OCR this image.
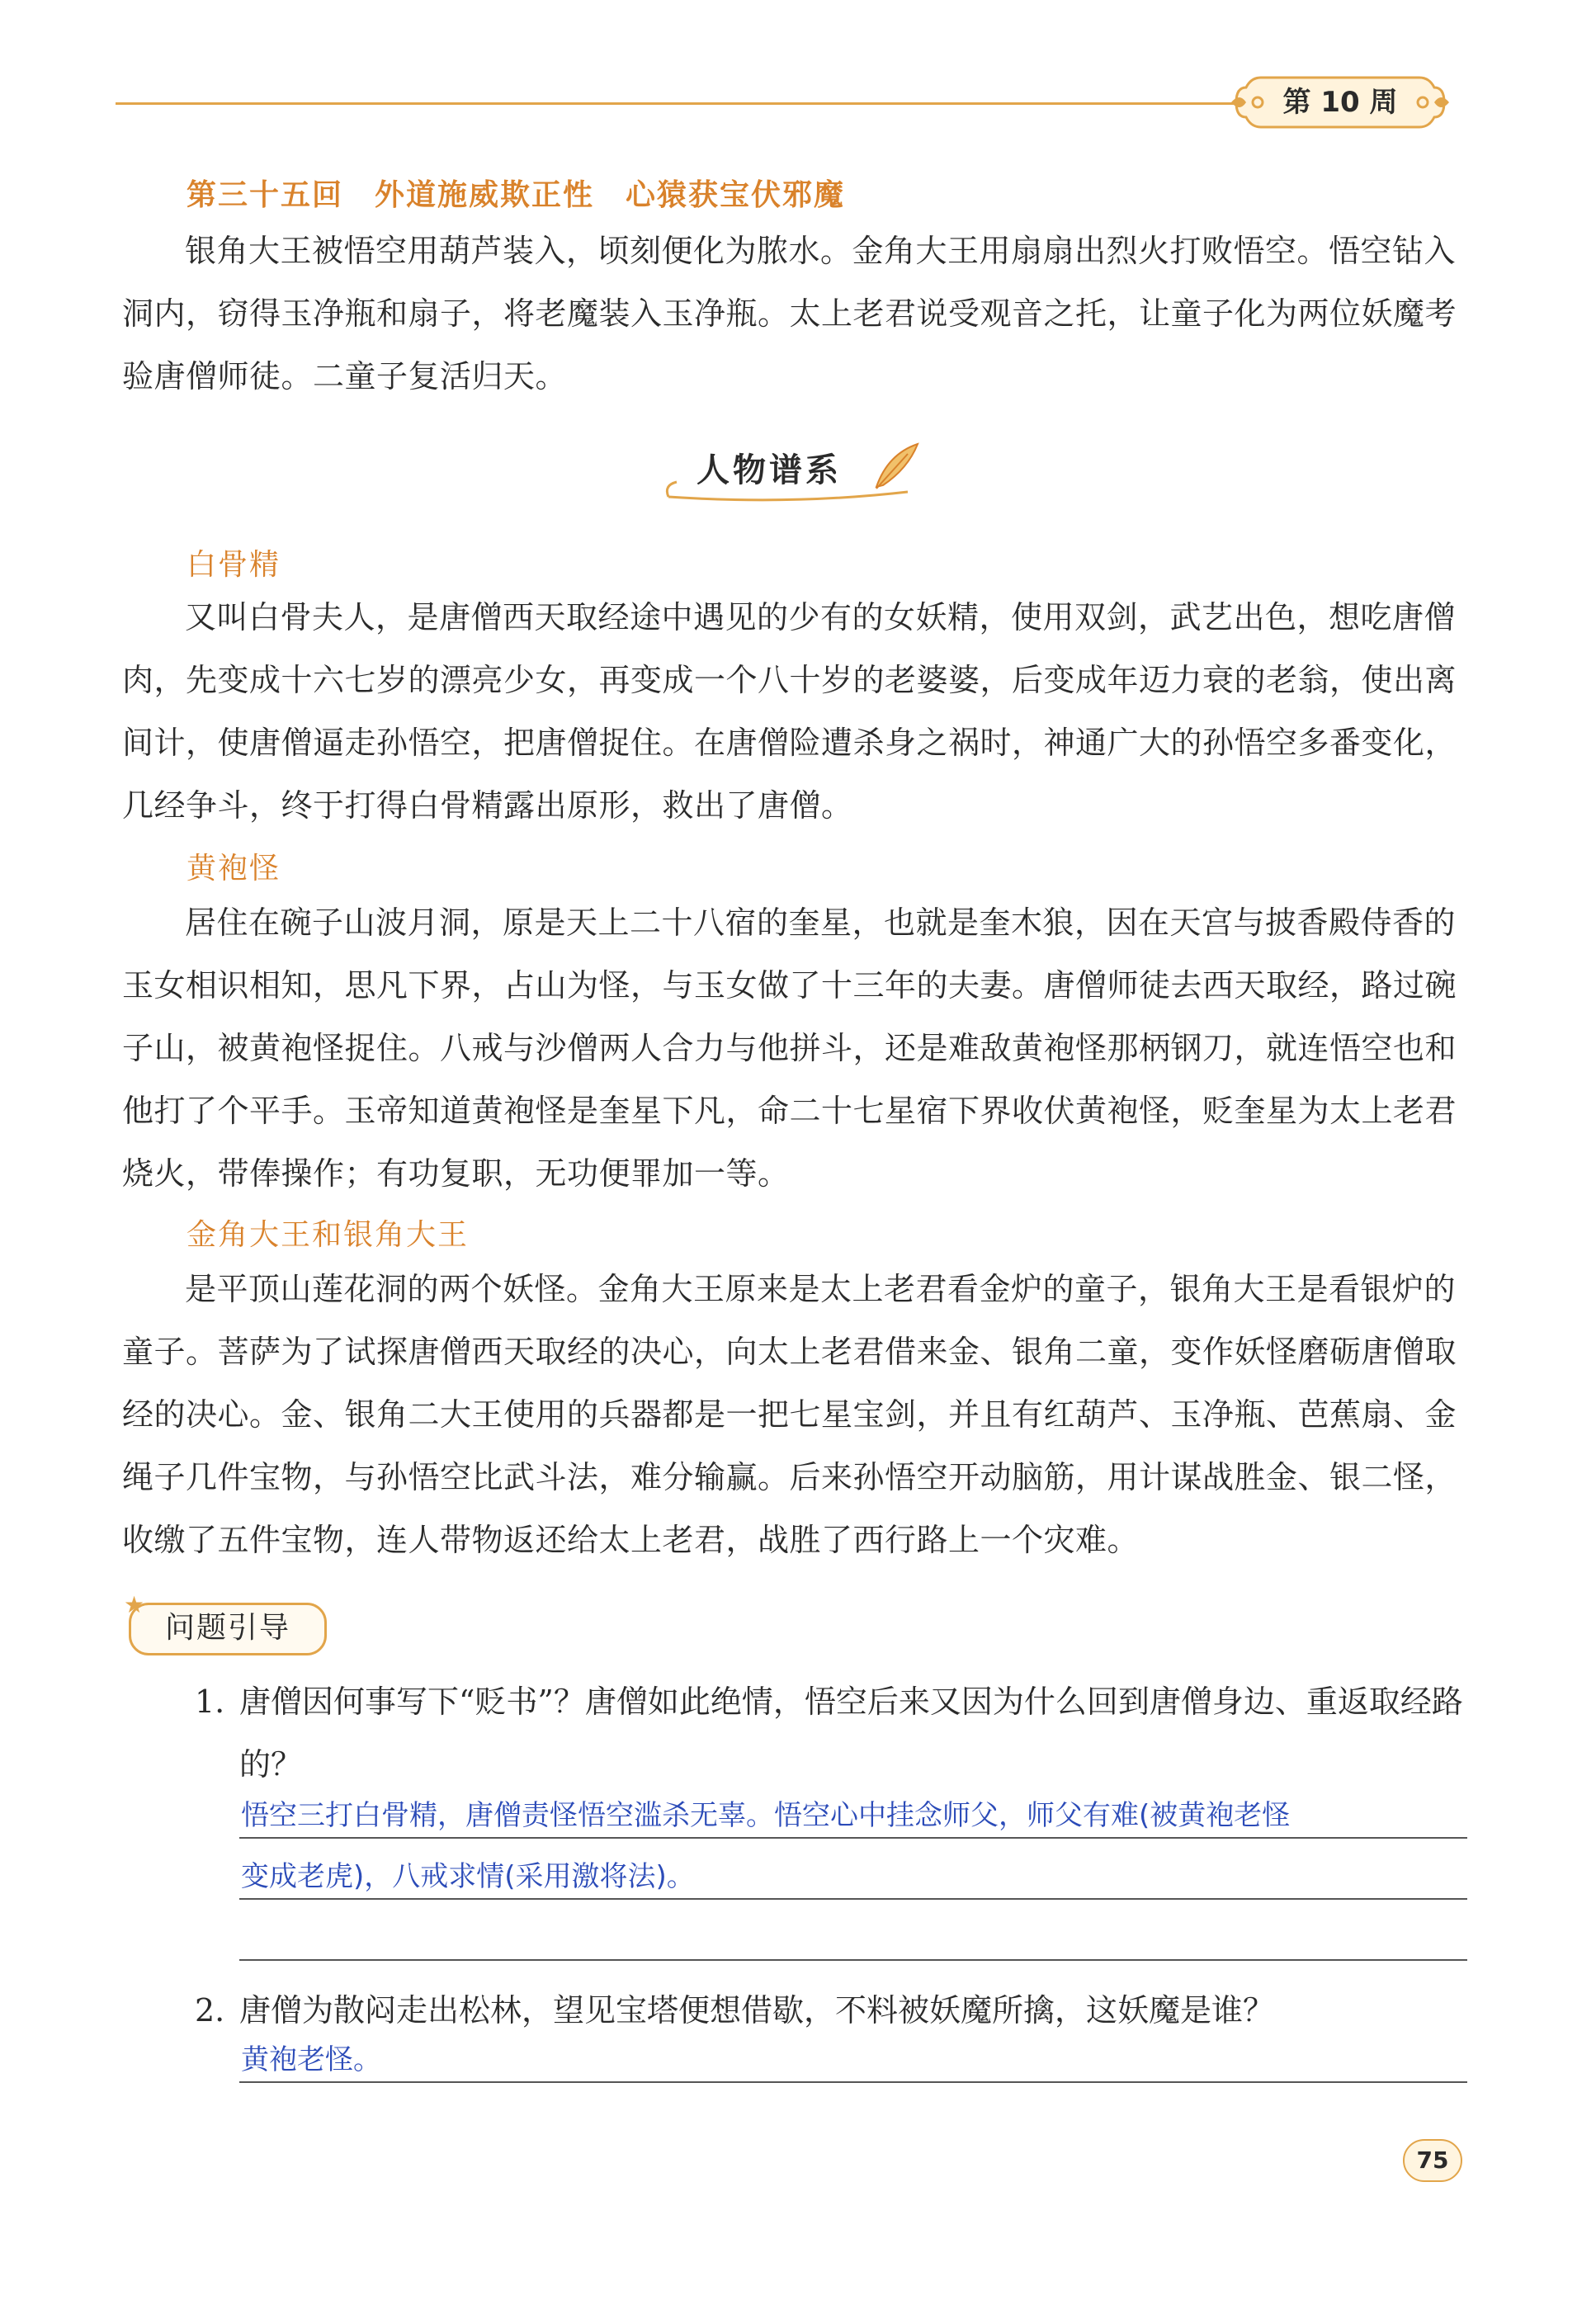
第 10 周
第三十五回　外道施威欺正性　心猿获宝伏邪魔

银角大王被悟空用葫芦装入，顷刻便化为脓水。金角大王用扇扇出烈火打败悟空。悟空钻入洞内，窃得玉净瓶和扇子，将老魔装入玉净瓶。太上老君说受观音之托，让童子化为两位妖魔考验唐僧师徒。二童子复活归天。

人物谱系
白骨精

又叫白骨夫人，是唐僧西天取经途中遇见的少有的女妖精，使用双剑，武艺出色，想吃唐僧肉，先变成十六七岁的漂亮少女，再变成一个八十岁的老婆婆，后变成年迈力衰的老翁，使出离间计，使唐僧逼走孙悟空，把唐僧捉住。在唐僧险遭杀身之祸时，神通广大的孙悟空多番变化，几经争斗，终于打得白骨精露出原形，救出了唐僧。

黄袍怪

居住在碗子山波月洞，原是天上二十八宿的奎星，也就是奎木狼，因在天宫与披香殿侍香的玉女相识相知，思凡下界，占山为怪，与玉女做了十三年的夫妻。唐僧师徒去西天取经，路过碗子山，被黄袍怪捉住。八戒与沙僧两人合力与他拼斗，还是难敌黄袍怪那柄钢刀，就连悟空也和他打了个平手。玉帝知道黄袍怪是奎星下凡，命二十七星宿下界收伏黄袍怪，贬奎星为太上老君烧火，带俸操作；有功复职，无功便罪加一等。

金角大王和银角大王

是平顶山莲花洞的两个妖怪。金角大王原来是太上老君看金炉的童子，银角大王是看银炉的童子。菩萨为了试探唐僧西天取经的决心，向太上老君借来金、银角二童，变作妖怪磨砺唐僧取经的决心。金、银角二大王使用的兵器都是一把七星宝剑，并且有红葫芦、玉净瓶、芭蕉扇、金绳子几件宝物，与孙悟空比武斗法，难分输赢。后来孙悟空开动脑筋，用计谋战胜金、银二怪，收缴了五件宝物，连人带物返还给太上老君，战胜了西行路上一个灾难。

★
问题引导
1. 唐僧因何事写下“贬书”？唐僧如此绝情，悟空后来又因为什么回到唐僧身边、重返取经路的？

悟空三打白骨精，唐僧责怪悟空滥杀无辜。悟空心中挂念师父，师父有难(被黄袍老怪
变成老虎)，八戒求情(采用激将法)。
2. 唐僧为散闷走出松林，望见宝塔便想借歇，不料被妖魔所擒，这妖魔是谁？

黄袍老怪。
75
